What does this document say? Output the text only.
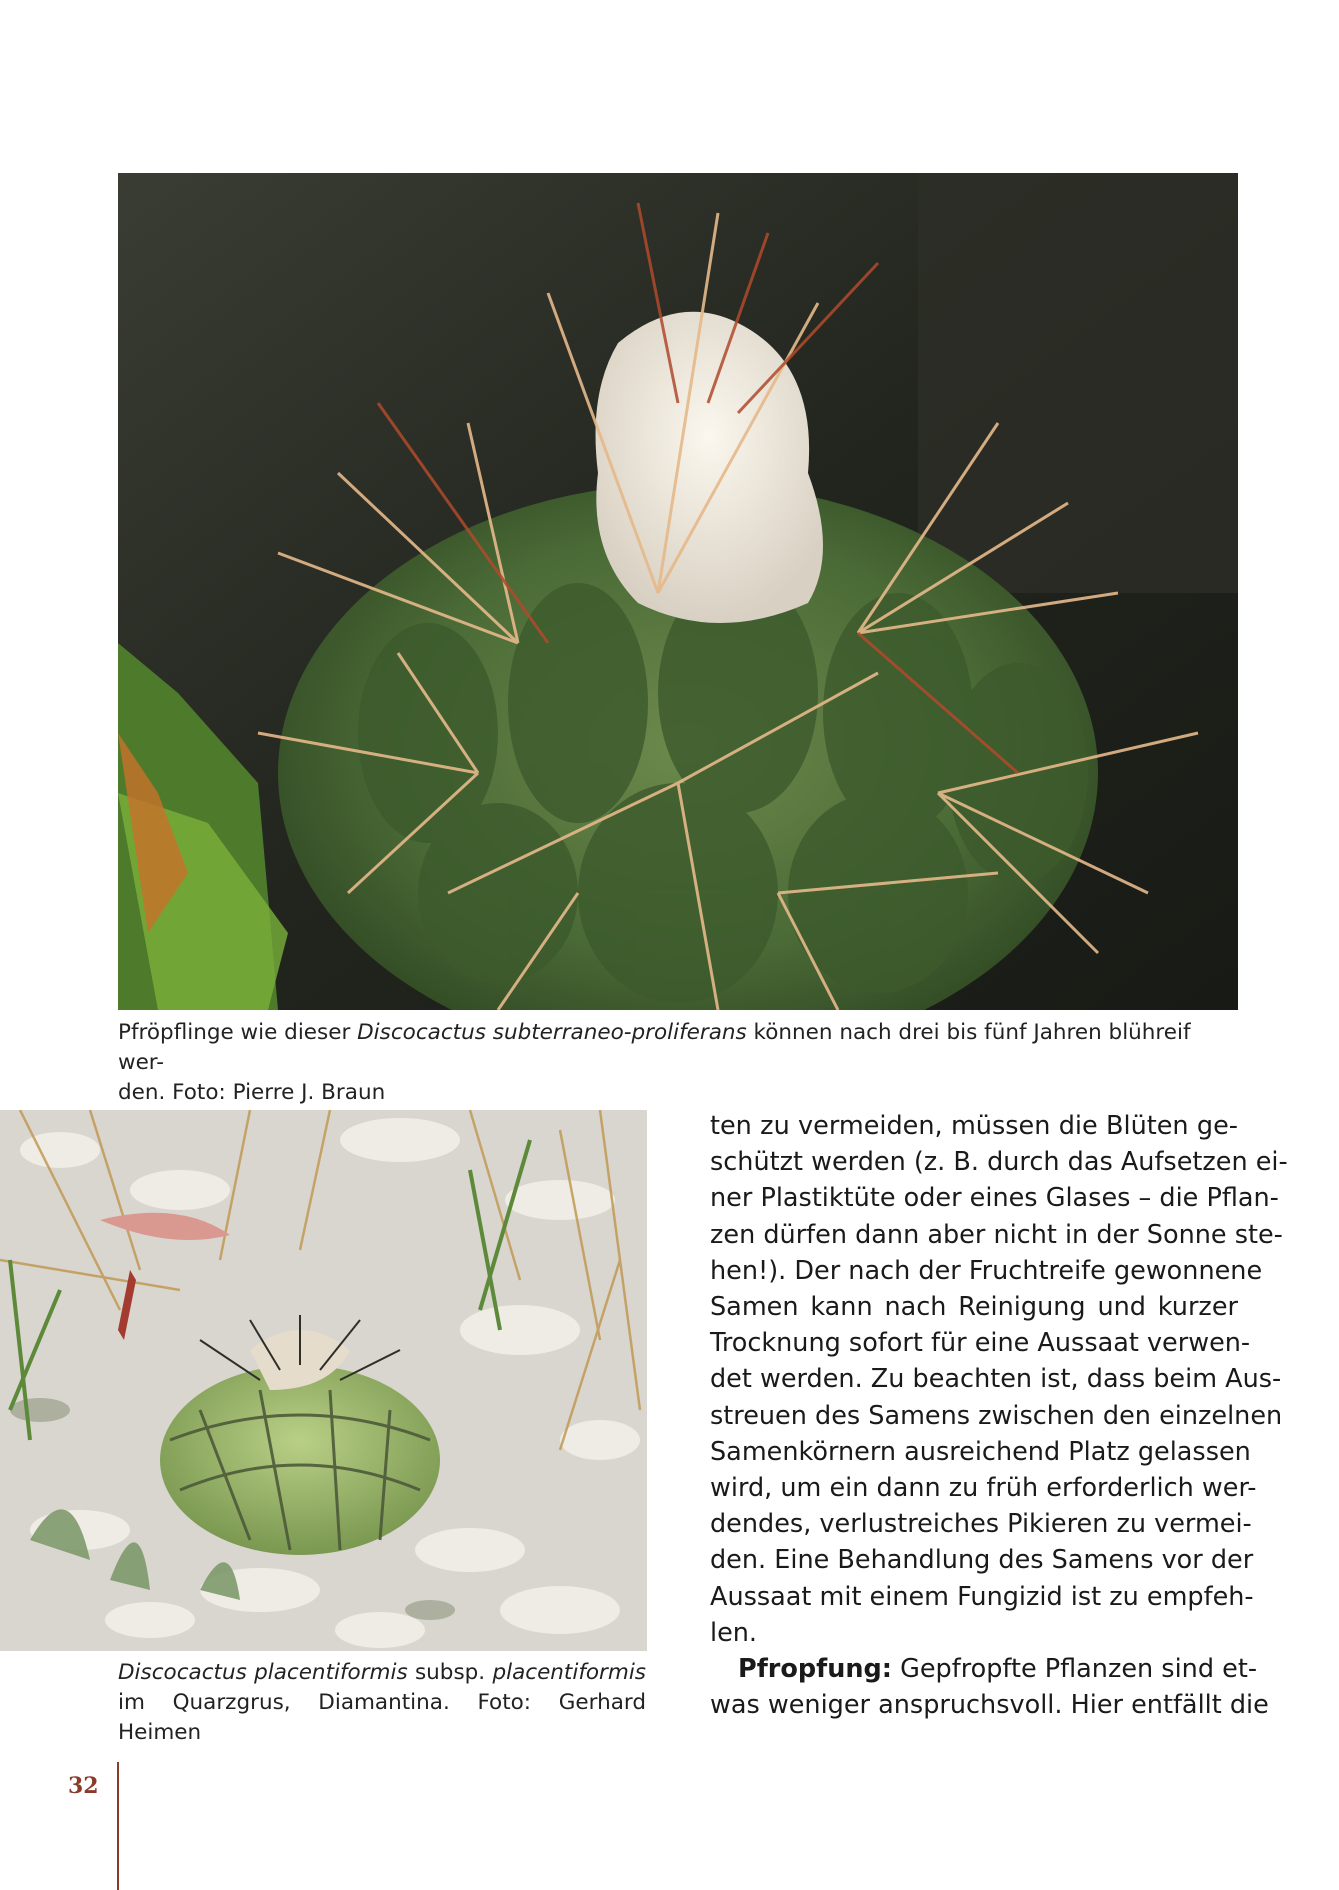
Pfröpflinge wie dieser Discocactus subterraneo-proliferans können nach drei bis fünf Jahren blühreif wer-
den. Foto: Pierre J. Braun
Discocactus placentiformis subsp. placentiformis
im Quarzgrus, Diamantina. Foto: Gerhard Heimen
ten zu vermeiden, müssen die Blüten ge-
schützt werden (z. B. durch das Aufsetzen ei-
ner Plastiktüte oder eines Glases – die Pflan-
zen dürfen dann aber nicht in der Sonne ste-
hen!). Der nach der Fruchtreife gewonnene
Samen kann nach Reinigung und kurzer
Trocknung sofort für eine Aussaat verwen-
det werden. Zu beachten ist, dass beim Aus-
streuen des Samens zwischen den einzelnen
Samenkörnern ausreichend Platz gelassen
wird, um ein dann zu früh erforderlich wer-
dendes, verlustreiches Pikieren zu vermei-
den. Eine Behandlung des Samens vor der
Aussaat mit einem Fungizid ist zu empfeh-
len.
Pfropfung: Gepfropfte Pflanzen sind et-
was weniger anspruchsvoll. Hier entfällt die
32
